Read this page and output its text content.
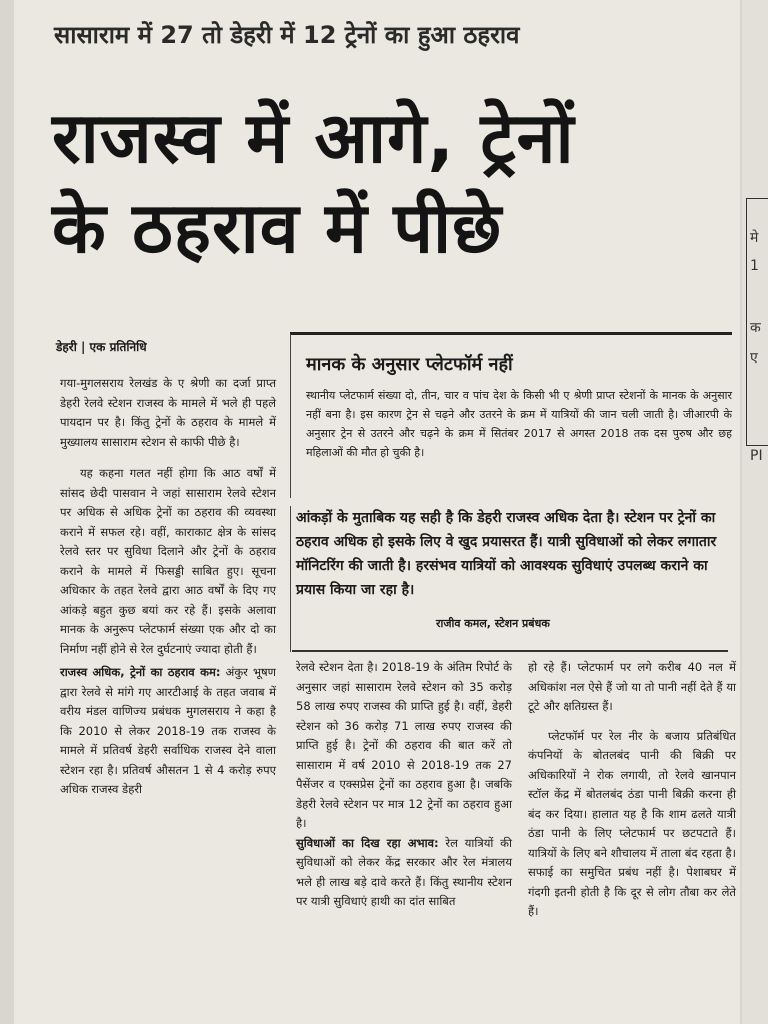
मे
1
क
ए
PI
सासाराम में 27 तो डेहरी में 12 ट्रेनों का हुआ ठहराव
राजस्व में आगे, ट्रेनों
के ठहराव में पीछे
डेहरी | एक प्रतिनिधि
मानक के अनुसार प्लेटफॉर्म नहीं
स्थानीय प्लेटफार्म संख्या दो, तीन, चार व पांच देश के किसी भी ए श्रेणी प्राप्त स्टेशनों के मानक के अनुसार नहीं बना है। इस कारण ट्रेन से चढ़ने और उतरने के क्रम में यात्रियों की जान चली जाती है। जीआरपी के अनुसार ट्रेन से उतरने और चढ़ने के क्रम में सितंबर 2017 से अगस्त 2018 तक दस पुरुष और छह महिलाओं की मौत हो चुकी है।

गया-मुगलसराय रेलखंड के ए श्रेणी का दर्जा प्राप्त डेहरी रेलवे स्टेशन राजस्व के मामले में भले ही पहले पायदान पर है। किंतु ट्रेनों के ठहराव के मामले में मुख्यालय सासाराम स्टेशन से काफी पीछे है।

यह कहना गलत नहीं होगा कि आठ वर्षों में सांसद छेदी पासवान ने जहां सासाराम रेलवे स्टेशन पर अधिक से अधिक ट्रेनों का ठहराव की व्यवस्था कराने में सफल रहे। वहीं, काराकाट क्षेत्र के सांसद रेलवे स्तर पर सुविधा दिलाने और ट्रेनों के ठहराव कराने के मामले में फिसड्डी साबित हुए। सूचना अधिकार के तहत रेलवे द्वारा आठ वर्षों के दिए गए आंकड़े बहुत कुछ बयां कर रहे हैं। इसके अलावा मानक के अनुरूप प्लेटफार्म संख्या एक और दो का निर्माण नहीं होने से रेल दुर्घटनाएं ज्यादा होती हैं।

राजस्व अधिक, ट्रेनों का ठहराव कम: अंकुर भूषण द्वारा रेलवे से मांगे गए आरटीआई के तहत जवाब में वरीय मंडल वाणिज्य प्रबंधक मुगलसराय ने कहा है कि 2010 से लेकर 2018-19 तक राजस्व के मामले में प्रतिवर्ष डेहरी सर्वाधिक राजस्व देने वाला स्टेशन रहा है। प्रतिवर्ष औसतन 1 से 4 करोड़ रुपए अधिक राजस्व डेहरी

आंकड़ों के मुताबिक यह सही है कि डेहरी राजस्व अधिक देता है। स्टेशन पर ट्रेनों का ठहराव अधिक हो इसके लिए वे खुद प्रयासरत हैं। यात्री सुविधाओं को लेकर लगातार मॉनिटरिंग की जाती है। हरसंभव यात्रियों को आवश्यक सुविधाएं उपलब्ध कराने का प्रयास किया जा रहा है।
राजीव कमल, स्टेशन प्रबंधक

रेलवे स्टेशन देता है। 2018-19 के अंतिम रिपोर्ट के अनुसार जहां सासाराम रेलवे स्टेशन को 35 करोड़ 58 लाख रुपए राजस्व की प्राप्ति हुई है। वहीं, डेहरी स्टेशन को 36 करोड़ 71 लाख रुपए राजस्व की प्राप्ति हुई है। ट्रेनों की ठहराव की बात करें तो सासाराम में वर्ष 2010 से 2018-19 तक 27 पैसेंजर व एक्सप्रेस ट्रेनों का ठहराव हुआ है। जबकि डेहरी रेलवे स्टेशन पर मात्र 12 ट्रेनों का ठहराव हुआ है।

सुविधाओं का दिख रहा अभाव: रेल यात्रियों की सुविधाओं को लेकर केंद्र सरकार और रेल मंत्रालय भले ही लाख बड़े दावे करते हैं। किंतु स्थानीय स्टेशन पर यात्री सुविधाएं हाथी का दांत साबित

हो रहे हैं। प्लेटफार्म पर लगे करीब 40 नल में अधिकांश नल ऐसे हैं जो या तो पानी नहीं देते हैं या टूटे और क्षतिग्रस्त हैं।

प्लेटफॉर्म पर रेल नीर के बजाय प्रतिबंधित कंपनियों के बोतलबंद पानी की बिक्री पर अधिकारियों ने रोक लगायी, तो रेलवे खानपान स्टॉल केंद्र में बोतलबंद ठंडा पानी बिक्री करना ही बंद कर दिया। हालात यह है कि शाम ढलते यात्री ठंडा पानी के लिए प्लेटफार्म पर छटपटाते हैं। यात्रियों के लिए बने शौचालय में ताला बंद रहता है। सफाई का समुचित प्रबंध नहीं है। पेशाबघर में गंदगी इतनी होती है कि दूर से लोग तौबा कर लेते हैं।
